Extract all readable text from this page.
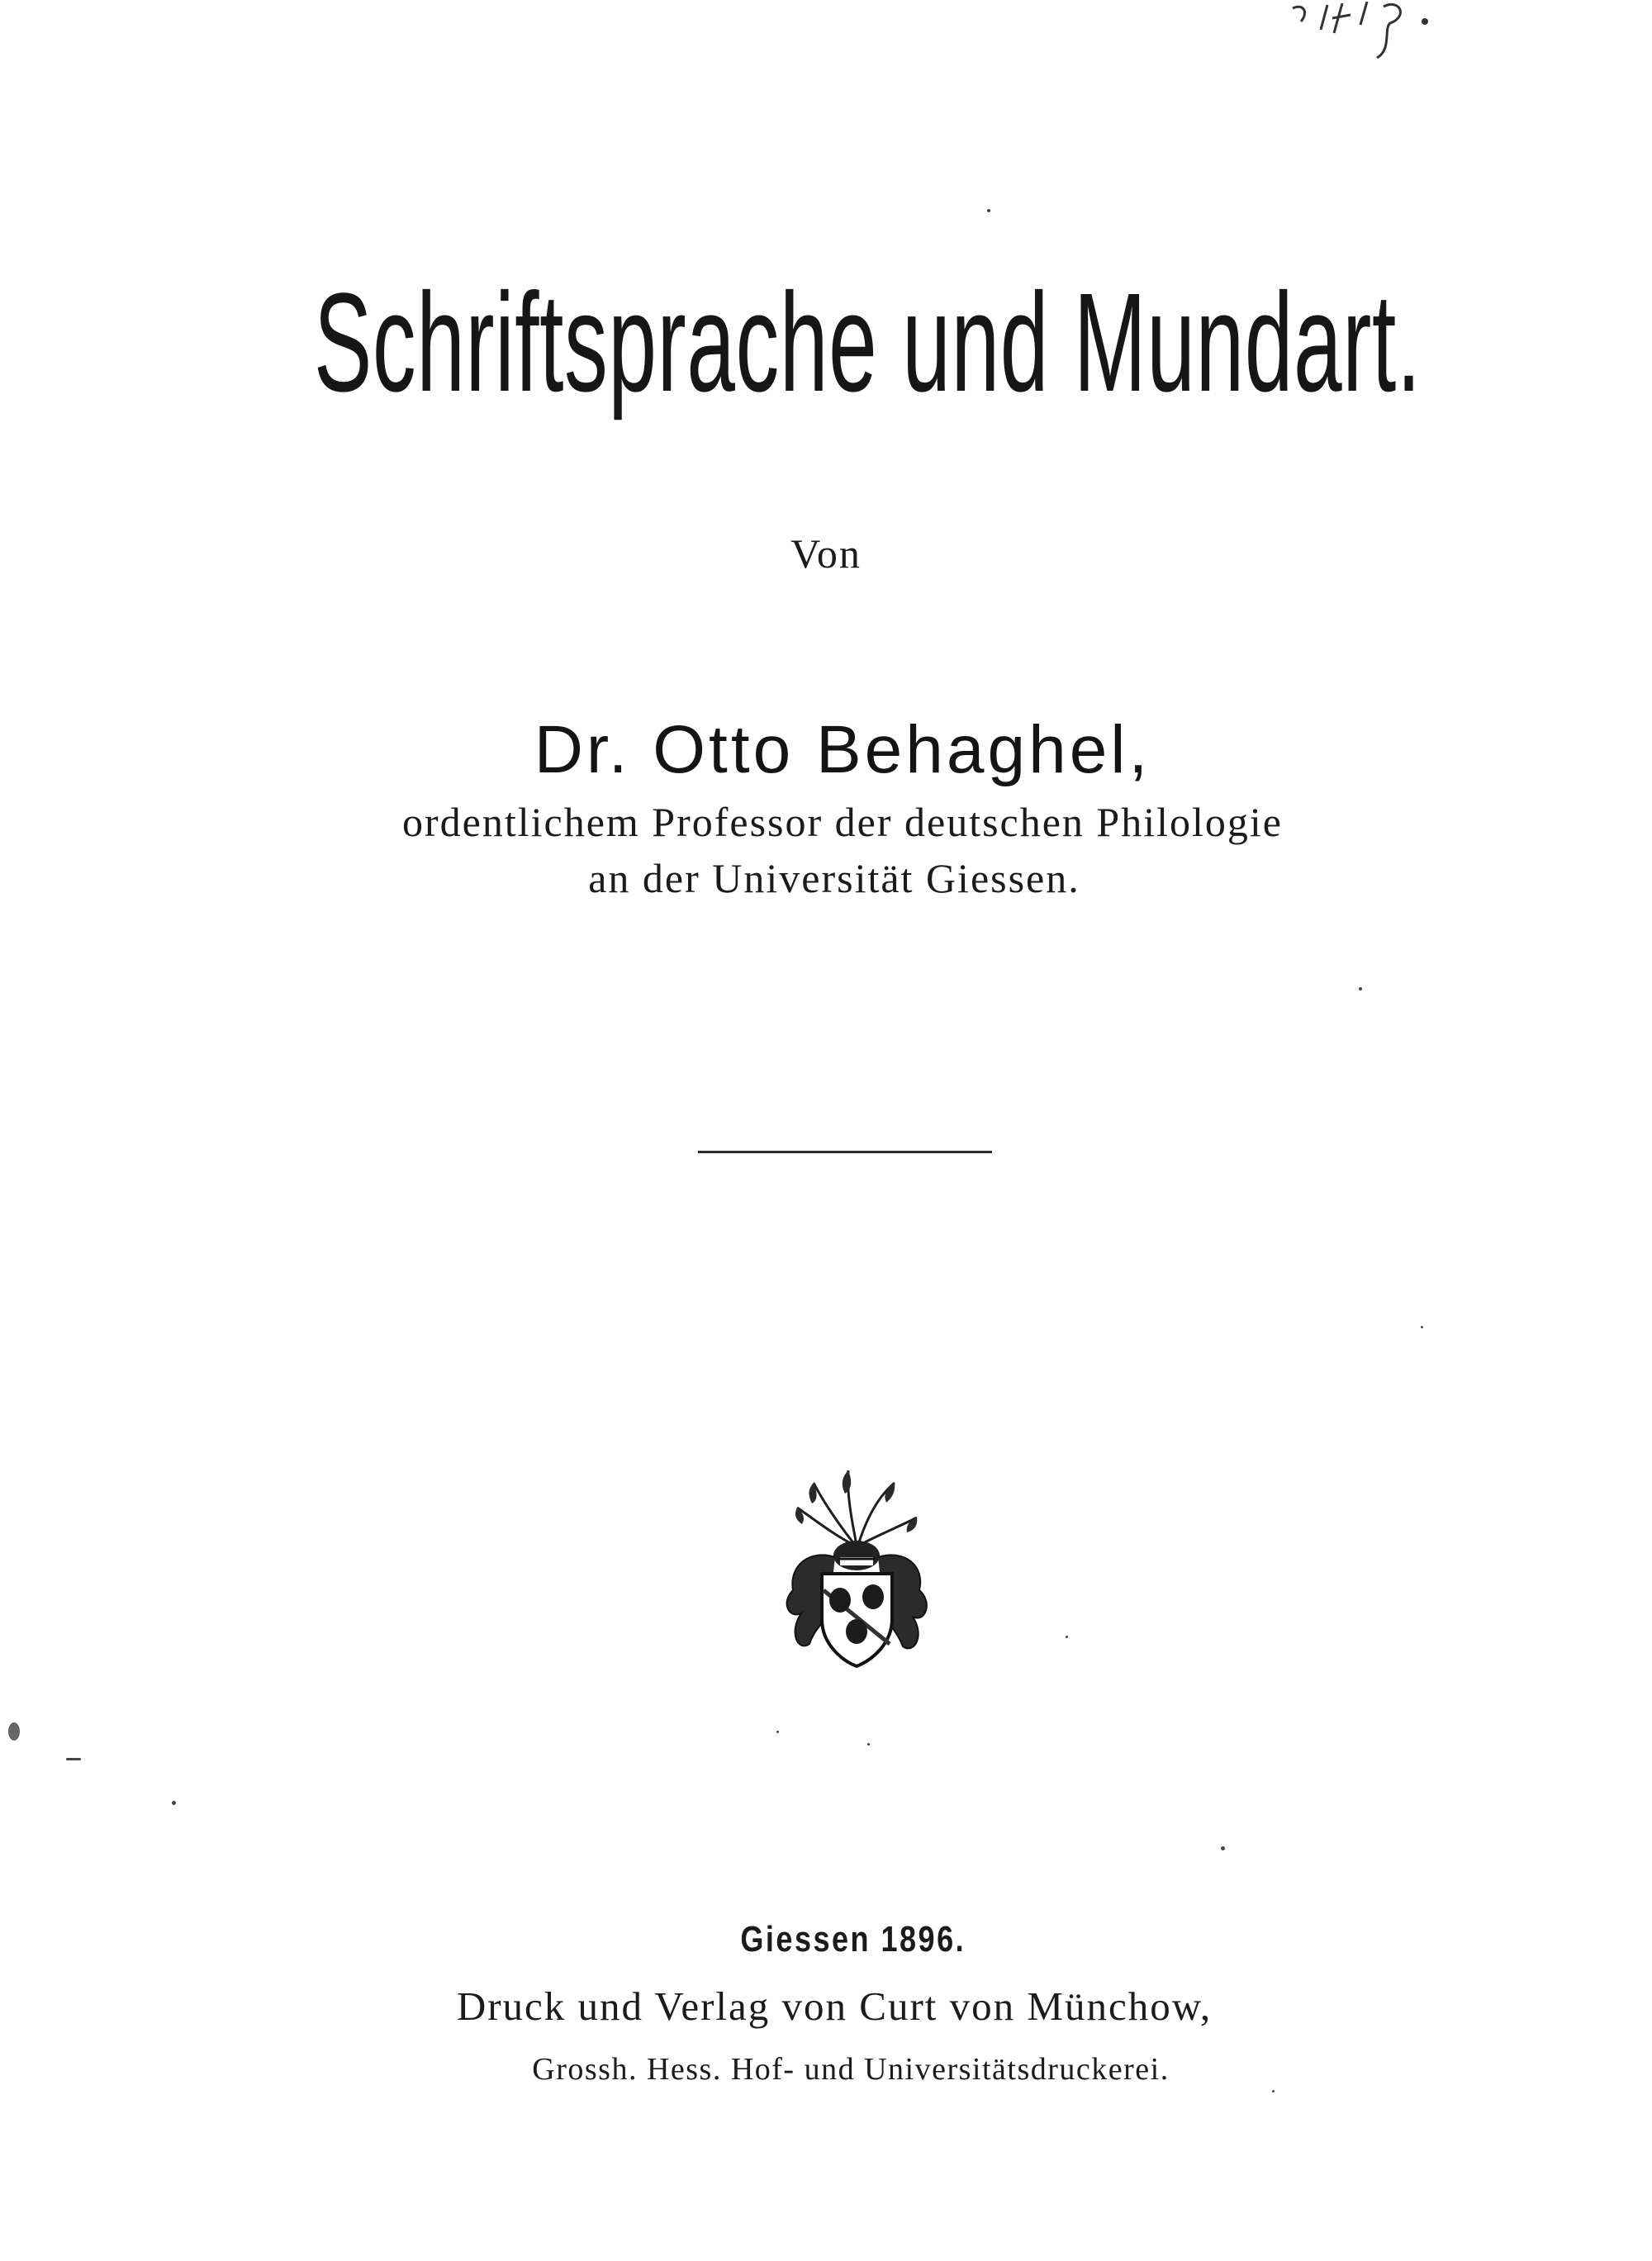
Schriftsprache und Mundart.
Von
Dr. Otto Behaghel,
ordentlichem Professor der deutschen Philologie
an der Universität Giessen.
Giessen 1896.
Druck und Verlag von Curt von Münchow,
Grossh. Hess. Hof- und Universitätsdruckerei.
